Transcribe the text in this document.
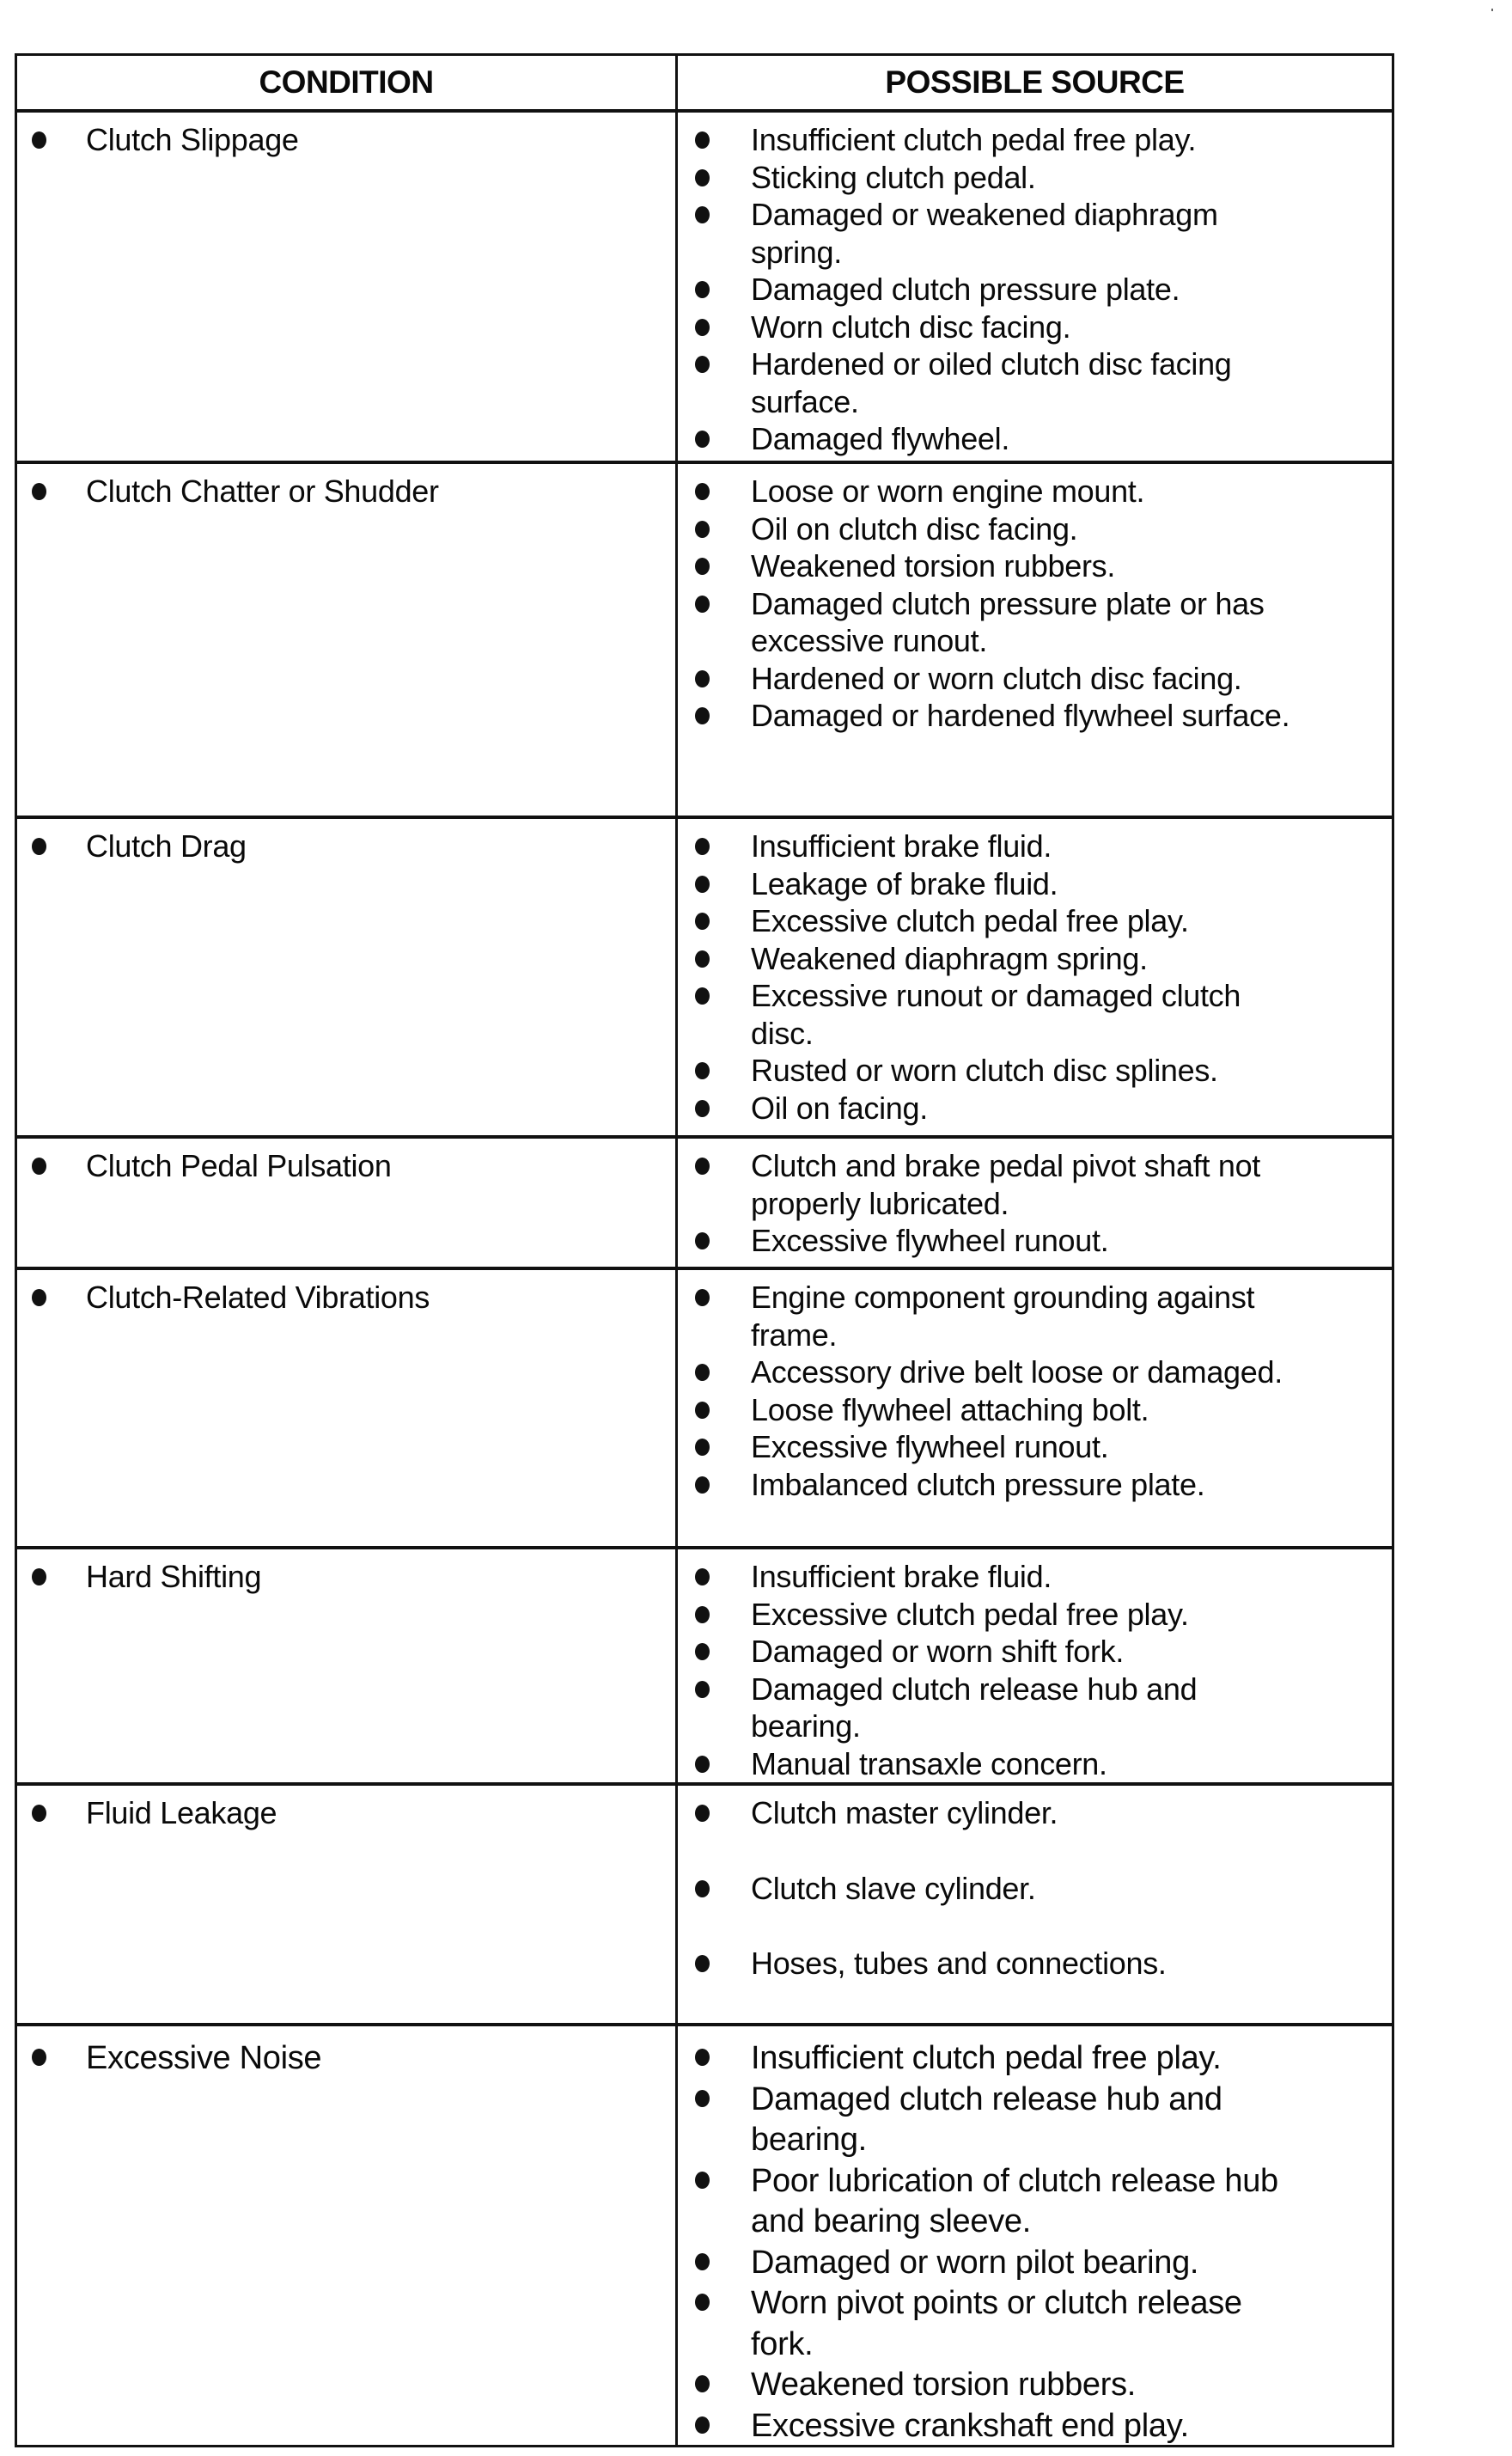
CONDITION	POSSIBLE SOURCE
Clutch Slippage	Insufficient clutch pedal free play.
Sticking clutch pedal.
Damaged or weakened diaphragm spring.
Damaged clutch pressure plate.
Worn clutch disc facing.
Hardened or oiled clutch disc facing surface.
Damaged flywheel.
Clutch Chatter or Shudder	Loose or worn engine mount.
Oil on clutch disc facing.
Weakened torsion rubbers.
Damaged clutch pressure plate or has excessive runout.
Hardened or worn clutch disc facing.
Damaged or hardened flywheel surface.
Clutch Drag	Insufficient brake fluid.
Leakage of brake fluid.
Excessive clutch pedal free play.
Weakened diaphragm spring.
Excessive runout or damaged clutch disc.
Rusted or worn clutch disc splines.
Oil on facing.
Clutch Pedal Pulsation	Clutch and brake pedal pivot shaft not properly lubricated.
Excessive flywheel runout.
Clutch-Related Vibrations	Engine component grounding against frame.
Accessory drive belt loose or damaged.
Loose flywheel attaching bolt.
Excessive flywheel runout.
Imbalanced clutch pressure plate.
Hard Shifting	Insufficient brake fluid.
Excessive clutch pedal free play.
Damaged or worn shift fork.
Damaged clutch release hub and bearing.
Manual transaxle concern.
Fluid Leakage	Clutch master cylinder.
Clutch slave cylinder.
Hoses, tubes and connections.
Excessive Noise	Insufficient clutch pedal free play.
Damaged clutch release hub and bearing.
Poor lubrication of clutch release hub and bearing sleeve.
Damaged or worn pilot bearing.
Worn pivot points or clutch release fork.
Weakened torsion rubbers.
Excessive crankshaft end play.
